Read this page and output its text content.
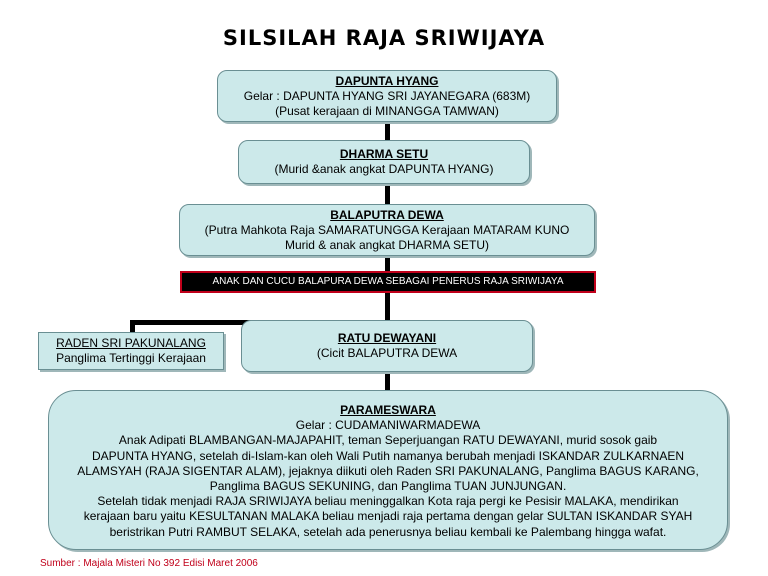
SILSILAH RAJA SRIWIJAYA
DAPUNTA HYANG
Gelar : DAPUNTA HYANG SRI JAYANEGARA (683M)
(Pusat kerajaan di MINANGGA TAMWAN)
DHARMA SETU
(Murid &anak angkat DAPUNTA HYANG)
BALAPUTRA DEWA
(Putra Mahkota Raja SAMARATUNGGA Kerajaan MATARAM KUNO
Murid & anak angkat DHARMA SETU)
ANAK DAN CUCU BALAPURA DEWA SEBAGAI PENERUS RAJA SRIWIJAYA
RADEN SRI PAKUNALANG
Panglima Tertinggi Kerajaan
RATU DEWAYANI
(Cicit BALAPUTRA DEWA
PARAMESWARA
Gelar : CUDAMANIWARMADEWA
Anak Adipati BLAMBANGAN-MAJAPAHIT, teman Seperjuangan RATU DEWAYANI, murid sosok gaib
DAPUNTA HYANG, setelah di-Islam-kan oleh Wali Putih namanya berubah menjadi ISKANDAR ZULKARNAEN
ALAMSYAH (RAJA SIGENTAR ALAM), jejaknya diikuti oleh Raden SRI PAKUNALANG, Panglima BAGUS KARANG,
Panglima BAGUS SEKUNING, dan Panglima TUAN JUNJUNGAN.
Setelah tidak menjadi RAJA SRIWIJAYA beliau meninggalkan Kota raja pergi ke Pesisir MALAKA, mendirikan
kerajaan baru yaitu KESULTANAN MALAKA beliau menjadi raja pertama dengan gelar SULTAN ISKANDAR SYAH
beristrikan Putri RAMBUT SELAKA, setelah ada penerusnya beliau kembali ke Palembang hingga wafat.
Sumber : Majala Misteri No 392 Edisi Maret 2006
